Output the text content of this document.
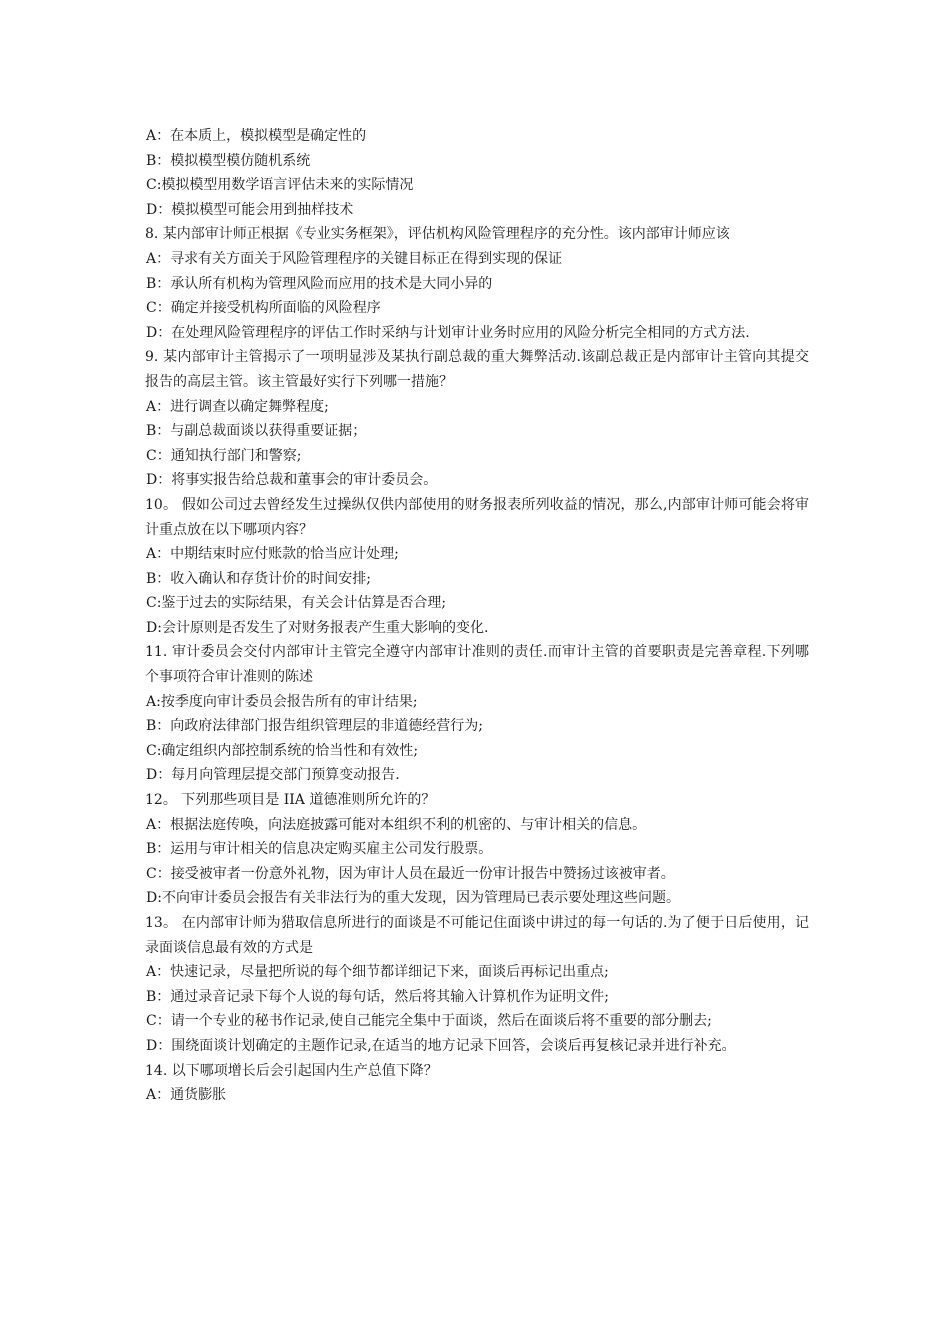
A：在本质上，模拟模型是确定性的

B：模拟模型模仿随机系统

C:模拟模型用数学语言评估未来的实际情况

D：模拟模型可能会用到抽样技术

8. 某内部审计师正根据《专业实务框架》，评估机构风险管理程序的充分性。该内部审计师应该

A：寻求有关方面关于风险管理程序的关键目标正在得到实现的保证

B：承认所有机构为管理风险而应用的技术是大同小异的

C：确定并接受机构所面临的风险程序

D：在处理风险管理程序的评估工作时采纳与计划审计业务时应用的风险分析完全相同的方式方法.

9. 某内部审计主管揭示了一项明显涉及某执行副总裁的重大舞弊活动.该副总裁正是内部审计主管向其提交报告的高层主管。该主管最好实行下列哪一措施？

A：进行调查以确定舞弊程度;

B：与副总裁面谈以获得重要证据；

C：通知执行部门和警察;

D：将事实报告给总裁和董事会的审计委员会。

10。 假如公司过去曾经发生过操纵仅供内部使用的财务报表所列收益的情况，那么,内部审计师可能会将审计重点放在以下哪项内容？

A：中期结束时应付账款的恰当应计处理;

B：收入确认和存货计价的时间安排;

C:鉴于过去的实际结果，有关会计估算是否合理;

D:会计原则是否发生了对财务报表产生重大影响的变化.

11. 审计委员会交付内部审计主管完全遵守内部审计准则的责任.而审计主管的首要职责是完善章程.下列哪个事项符合审计准则的陈述

A:按季度向审计委员会报告所有的审计结果;

B：向政府法律部门报告组织管理层的非道德经营行为;

C:确定组织内部控制系统的恰当性和有效性;

D：每月向管理层提交部门预算变动报告.

12。 下列那些项目是 IIA 道德准则所允许的？

A：根据法庭传唤，向法庭披露可能对本组织不利的机密的、与审计相关的信息。

B：运用与审计相关的信息决定购买雇主公司发行股票。

C：接受被审者一份意外礼物，因为审计人员在最近一份审计报告中赞扬过该被审者。

D:不向审计委员会报告有关非法行为的重大发现，因为管理局已表示要处理这些问题。

13。 在内部审计师为猎取信息所进行的面谈是不可能记住面谈中讲过的每一句话的.为了便于日后使用，记录面谈信息最有效的方式是

A：快速记录，尽量把所说的每个细节都详细记下来，面谈后再标记出重点;

B：通过录音记录下每个人说的每句话，然后将其输入计算机作为证明文件;

C：请一个专业的秘书作记录,使自己能完全集中于面谈，然后在面谈后将不重要的部分删去;

D：围绕面谈计划确定的主题作记录,在适当的地方记录下回答，会谈后再复核记录并进行补充。

14. 以下哪项增长后会引起国内生产总值下降？

A：通货膨胀
